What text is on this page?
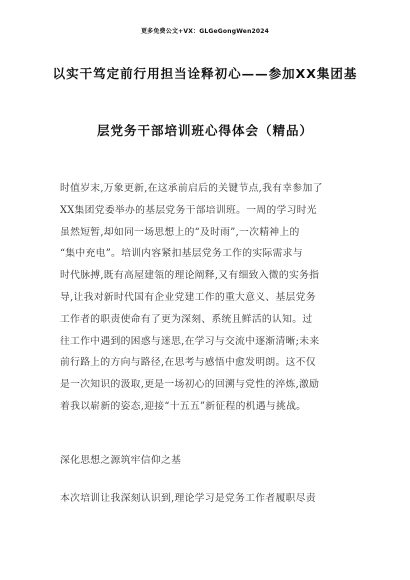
更多免费公文+VX：GLGeGongWen2024
以实干笃定前行用担当诠释初心——参加XX集团基
层党务干部培训班心得体会（精品）
时值岁末,万象更新,在这承前启后的关键节点,我有幸参加了
XX集团党委举办的基层党务干部培训班。一周的学习时光
虽然短暂,却如同一场思想上的“及时雨”,一次精神上的
“集中充电”。培训内容紧扣基层党务工作的实际需求与
时代脉搏,既有高屋建瓴的理论阐释,又有细致入微的实务指
导,让我对新时代国有企业党建工作的重大意义、基层党务
工作者的职责使命有了更为深刻、系统且鲜活的认知。过
往工作中遇到的困惑与迷思,在学习与交流中逐渐清晰;未来
前行路上的方向与路径,在思考与感悟中愈发明朗。这不仅
是一次知识的汲取,更是一场初心的回溯与党性的淬炼,激励
着我以崭新的姿态,迎接“十五五”新征程的机遇与挑战。
深化思想之源筑牢信仰之基
本次培训让我深刻认识到,理论学习是党务工作者履职尽责
